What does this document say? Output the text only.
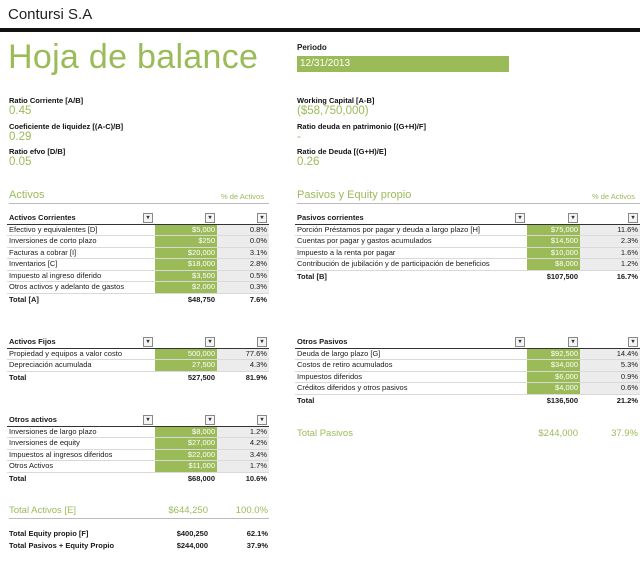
Contursi S.A
Hoja de balance	Periodo
12/31/2013
Ratio Corriente [A/B]
0.45
Coeficiente de liquidez [(A-C)/B]
0.29
Ratio efvo [D/B]
0.05
Working Capital [A-B]
($58,750,000)
Ratio deuda en patrimonio [(G+H)/F]
-
Ratio de Deuda [(G+H)/E]
0.26
Activos	% de Activos	Pasivos y Equity propio	% de Activos
Activos Corrientes ▾	▾	▾
Efectivo y equivalentes [D]	$5,000	0.8%
Inversiones de corto plazo	$250	0.0%
Facturas a cobrar [I]	$20,000	3.1%
Inventarios [C]	$18,000	2.8%
Impuesto al ingreso diferido	$3,500	0.5%
Otros activos y adelanto de gastos	$2,000	0.3%
Total [A]	$48,750	7.6%
Activos Fijos ▾	▾	▾
Propiedad y equipos a valor costo	500,000	77.6%
Depreciación acumulada	27,500	4.3%
Total	527,500	81.9%
Otros activos ▾	▾	▾
Inversiones de largo plazo	$8,000	1.2%
Inversiones de equity	$27,000	4.2%
Impuestos al ingresos diferidos	$22,000	3.4%
Otros Activos	$11,000	1.7%
Total	$68,000	10.6%
Pasivos corrientes ▾	▾	▾
Porción Préstamos por pagar y deuda a largo plazo [H]	$75,000	11.6%
Cuentas por pagar y gastos acumulados	$14,500	2.3%
Impuesto a la renta por pagar	$10,000	1.6%
Contribución de jubilación y de participación de beneficios	$8,000	1.2%
Total [B]	$107,500	16.7%
Otros Pasivos ▾	▾	▾
Deuda de largo plazo [G]	$92,500	14.4%
Costos de retiro acumulados	$34,000	5.3%
Impuestos diferidos	$6,000	0.9%
Créditos diferidos y otros pasivos	$4,000	0.6%
Total	$136,500	21.2%
Total Pasivos	$244,000	37.9%
Total Activos [E]	$644,250	100.0%
Total Equity propio [F]	$400,250	62.1%
Total Pasivos + Equity Propio	$244,000	37.9%
